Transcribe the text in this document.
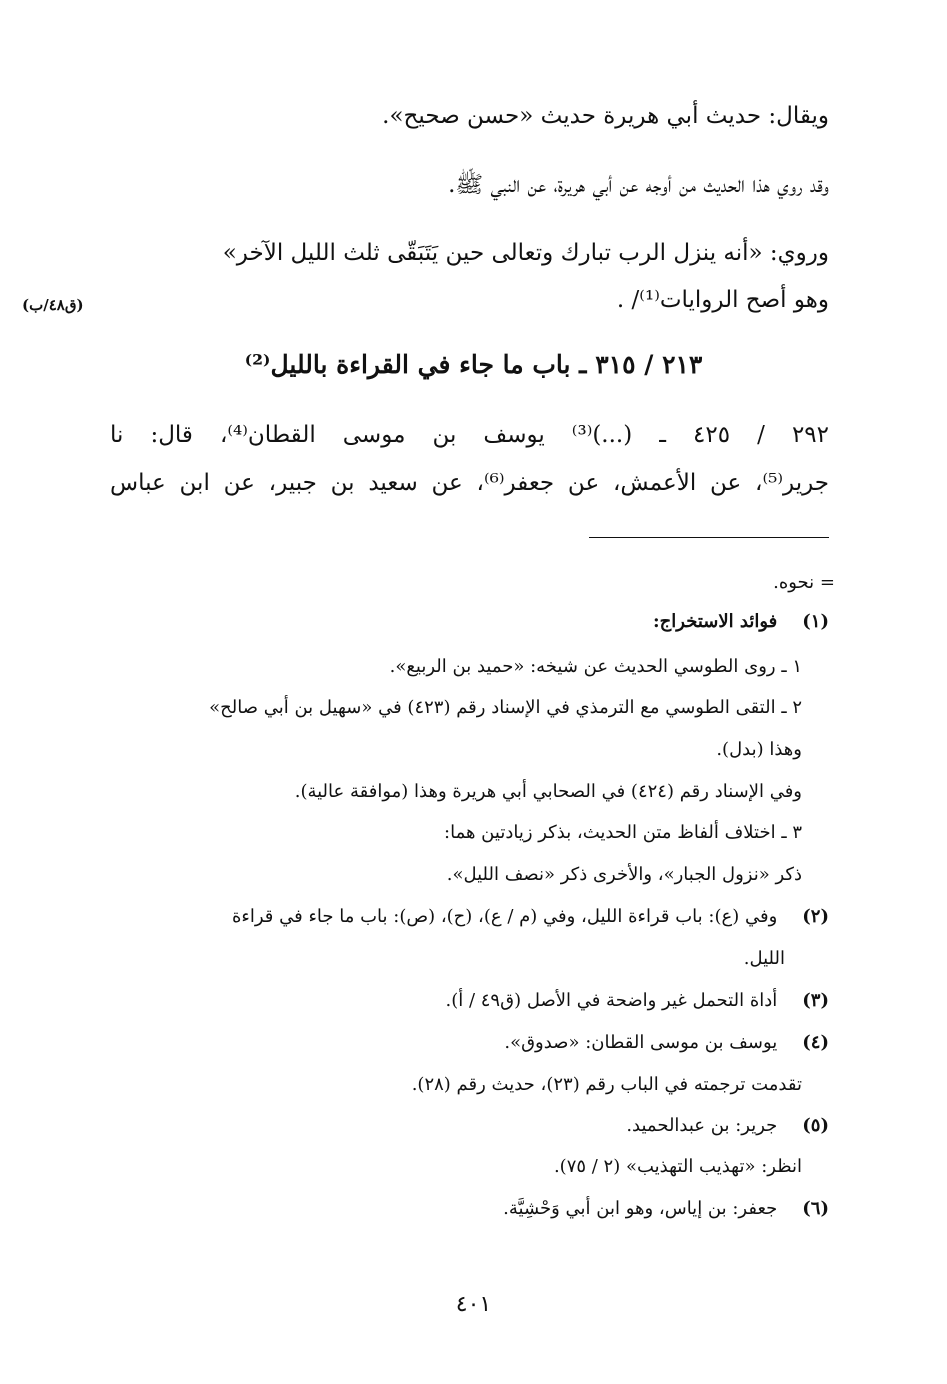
ويقال: حديث أبي هريرة حديث «حسن صحيح».
وقد روي هذا الحديث من أوجه عن أبي هريرة، عن النبي ﷺ.
وروي: «أنه ينزل الرب تبارك وتعالى حين يَتَبَقّى ثلث الليل الآخر»
وهو أصح الروايات⁽¹⁾/ .
(ق٤٨/ب)
٢١٣ / ٣١٥ ـ باب ما جاء في القراءة بالليل⁽²⁾
٢٩٢ / ٤٢٥ ـ (...)⁽³⁾ يوسف بن موسى القطان⁽⁴⁾، قال: نا
جرير⁽⁵⁾، عن الأعمش، عن جعفر⁽⁶⁾، عن سعيد بن جبير، عن ابن عباس
= نحوه.
(١) فوائد الاستخراج:
١ ـ روى الطوسي الحديث عن شيخه: «حميد بن الربيع».
٢ ـ التقى الطوسي مع الترمذي في الإسناد رقم (٤٢٣) في «سهيل بن أبي صالح»
وهذا (بدل).
وفي الإسناد رقم (٤٢٤) في الصحابي أبي هريرة وهذا (موافقة عالية).
٣ ـ اختلاف ألفاظ متن الحديث، بذكر زيادتين هما:
ذكر «نزول الجبار»، والأخرى ذكر «نصف الليل».
(٢) وفي (ع): باب قراءة الليل، وفي (م / ع)، (ح)، (ص): باب ما جاء في قراءة
الليل.
(٣) أداة التحمل غير واضحة في الأصل (ق٤٩ / أ).
(٤) يوسف بن موسى القطان: «صدوق».
تقدمت ترجمته في الباب رقم (٢٣)، حديث رقم (٢٨).
(٥) جرير: بن عبدالحميد.
انظر: «تهذيب التهذيب» (٢ / ٧٥).
(٦) جعفر: بن إياس، وهو ابن أبي وَحْشِيَّة.
٤٠١
